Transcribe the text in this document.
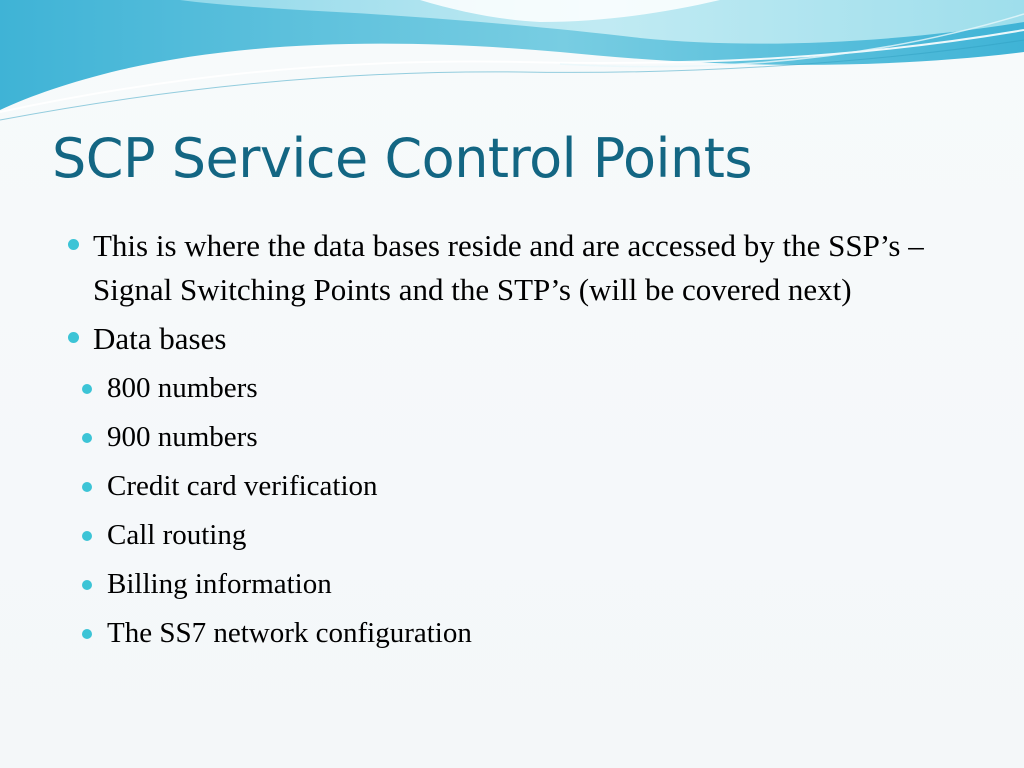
SCP Service Control Points
This is where the data bases reside and are accessed by the SSP’s – Signal Switching Points and the STP’s (will be covered next)
Data bases
800 numbers
900 numbers
Credit card verification
Call routing
Billing information
The SS7 network configuration
